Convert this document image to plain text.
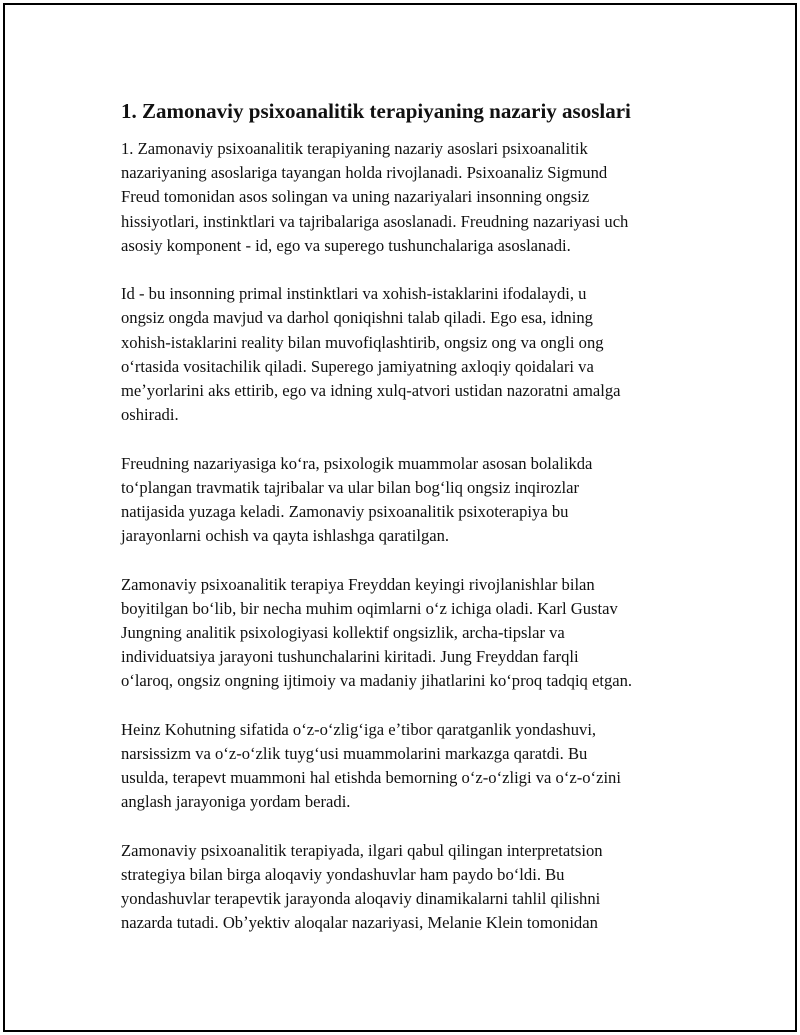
1. Zamonaviy psixoanalitik terapiyaning nazariy asoslari

1. Zamonaviy psixoanalitik terapiyaning nazariy asoslari psixoanalitik
nazariyaning asoslariga tayangan holda rivojlanadi. Psixoanaliz Sigmund
Freud tomonidan asos solingan va uning nazariyalari insonning ongsiz
hissiyotlari, instinktlari va tajribalariga asoslanadi. Freudning nazariyasi uch
asosiy komponent - id, ego va superego tushunchalariga asoslanadi.

Id - bu insonning primal instinktlari va xohish-istaklarini ifodalaydi, u
ongsiz ongda mavjud va darhol qoniqishni talab qiladi. Ego esa, idning
xohish-istaklarini reality bilan muvofiqlashtirib, ongsiz ong va ongli ong
oʻrtasida vositachilik qiladi. Superego jamiyatning axloqiy qoidalari va
meʼyorlarini aks ettirib, ego va idning xulq-atvori ustidan nazoratni amalga
oshiradi.

Freudning nazariyasiga koʻra, psixologik muammolar asosan bolalikda
toʻplangan travmatik tajribalar va ular bilan bogʻliq ongsiz inqirozlar
natijasida yuzaga keladi. Zamonaviy psixoanalitik psixoterapiya bu
jarayonlarni ochish va qayta ishlashga qaratilgan.

Zamonaviy psixoanalitik terapiya Freyddan keyingi rivojlanishlar bilan
boyitilgan boʻlib, bir necha muhim oqimlarni oʻz ichiga oladi. Karl Gustav
Jungning analitik psixologiyasi kollektif ongsizlik, archa-tipslar va
individuatsiya jarayoni tushunchalarini kiritadi. Jung Freyddan farqli
oʻlaroq, ongsiz ongning ijtimoiy va madaniy jihatlarini koʻproq tadqiq etgan.

Heinz Kohutning sifatida oʻz-oʻzligʻiga eʼtibor qaratganlik yondashuvi,
narsissizm va oʻz-oʻzlik tuygʻusi muammolarini markazga qaratdi. Bu
usulda, terapevt muammoni hal etishda bemorning oʻz-oʻzligi va oʻz-oʻzini
anglash jarayoniga yordam beradi.

Zamonaviy psixoanalitik terapiyada, ilgari qabul qilingan interpretatsion
strategiya bilan birga aloqaviy yondashuvlar ham paydo boʻldi. Bu
yondashuvlar terapevtik jarayonda aloqaviy dinamikalarni tahlil qilishni
nazarda tutadi. Obʼyektiv aloqalar nazariyasi, Melanie Klein tomonidan
